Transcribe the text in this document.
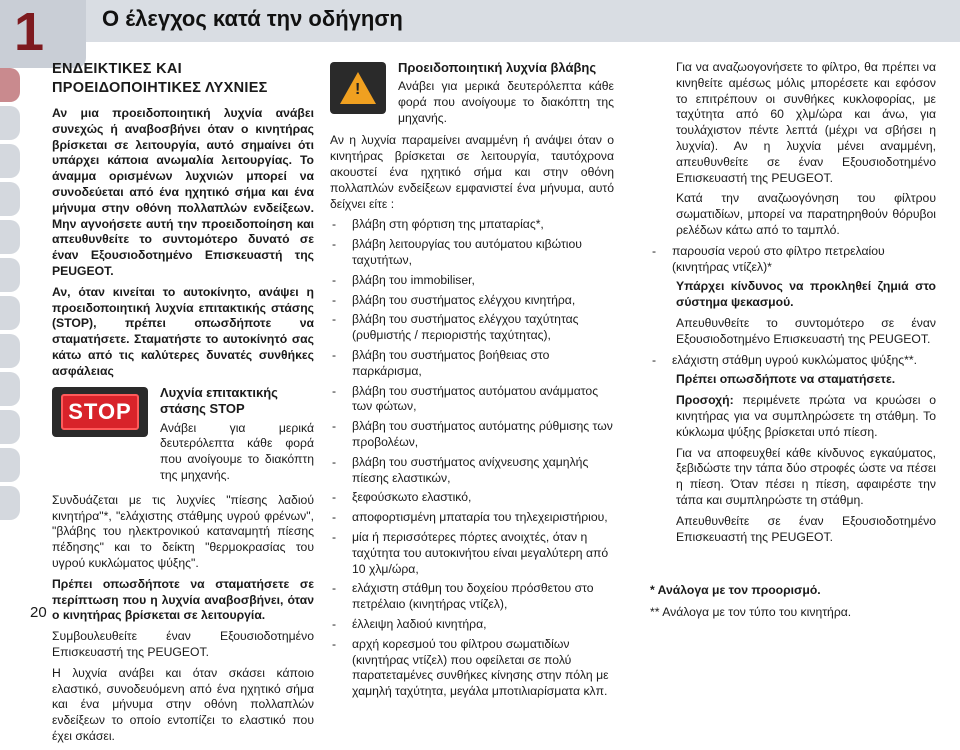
1	Ο έλεγχος κατά την οδήγηση
ΕΝΔΕΙΚΤΙΚΕΣ ΚΑΙ
ΠΡΟΕΙΔΟΠΟΙΗΤΙΚΕΣ ΛΥΧΝΙΕΣ

Αν μια προειδοποιητική λυχνία ανάβει συνεχώς ή αναβοσβήνει όταν ο κινητήρας βρίσκεται σε λειτουργία, αυτό σημαίνει ότι υπάρχει κάποια ανωμαλία λειτουργίας. Το άναμμα ορισμένων λυχνιών μπορεί να συνοδεύεται από ένα ηχητικό σήμα και ένα μήνυμα στην οθόνη πολλαπλών ενδείξεων. Μην αγνοήσετε αυτή την προειδοποίηση και απευθυνθείτε το συντομότερο δυνατό σε έναν Εξουσιοδοτημένο Επισκευαστή της PEUGEOT.

Αν, όταν κινείται το αυτοκίνητο, ανάψει η προειδοποιητική λυχνία επιτακτικής στάσης (STOP), πρέπει οπωσδήποτε να σταματήσετε. Σταματήστε το αυτοκίνητό σας κάτω από τις καλύτερες δυνατές συνθήκες ασφάλειας

STOP
Λυχνία επιτακτικής στάσης STOP

Ανάβει για μερικά δευτερόλεπτα κάθε φορά που ανοίγουμε το διακόπτη της μηχανής.

Συνδυάζεται με τις λυχνίες "πίεσης λαδιού κινητήρα"*, "ελάχιστης στάθμης υγρού φρένων", "βλάβης του ηλεκτρονικού καταναμητή πίεσης πέδησης" και το δείκτη "θερμοκρασίας του υγρού κυκλώματος ψύξης".

Πρέπει οπωσδήποτε να σταματήσετε σε περίπτωση που η λυχνία αναβοσβήνει, όταν ο κινητήρας βρίσκεται σε λειτουργία.

Συμβουλευθείτε έναν Εξουσιοδοτημένο Επισκευαστή της PEUGEOT.

Η λυχνία ανάβει και όταν σκάσει κάποιο ελαστικό, συνοδευόμενη από ένα ηχητικό σήμα και ένα μήνυμα στην οθόνη πολλαπλών ενδείξεων το οποίο εντοπίζει το ελαστικό που έχει σκάσει.

!
Προειδοποιητική λυχνία βλάβης

Ανάβει για μερικά δευτερόλεπτα κάθε φορά που ανοίγουμε το διακόπτη της μηχανής.

Αν η λυχνία παραμείνει αναμμένη ή ανάψει όταν ο κινητήρας βρίσκεται σε λειτουργία, ταυτόχρονα ακουστεί ένα ηχητικό σήμα και στην οθόνη πολλαπλών ενδείξεων εμφανιστεί ένα μήνυμα, αυτό δείχνει είτε :

- βλάβη στη φόρτιση της μπαταρίας*,
- βλάβη λειτουργίας του αυτόματου κιβώτιου ταχυτήτων,
- βλάβη του immobiliser,
- βλάβη του συστήματος ελέγχου κινητήρα,
- βλάβη του συστήματος ελέγχου ταχύτητας (ρυθμιστής / περιοριστής ταχύτητας),
- βλάβη του συστήματος βοήθειας στο παρκάρισμα,
- βλάβη του συστήματος αυτόματου ανάμματος των φώτων,
- βλάβη του συστήματος αυτόματης ρύθμισης των προβολέων,
- βλάβη του συστήματος ανίχνευσης χαμηλής πίεσης ελαστικών,
- ξεφούσκωτο ελαστικό,
- αποφορτισμένη μπαταρία του τηλεχειριστήριου,
- μία ή περισσότερες πόρτες ανοιχτές, όταν η ταχύτητα του αυτοκινήτου είναι μεγαλύτερη από 10 χλμ/ώρα,
- ελάχιστη στάθμη του δοχείου πρόσθετου στο πετρέλαιο (κινητήρας ντίζελ),
- έλλειψη λαδιού κινητήρα,
- αρχή κορεσμού του φίλτρου σωματιδίων (κινητήρας ντίζελ) που οφείλεται σε πολύ παρατεταμένες συνθήκες κίνησης στην πόλη με χαμηλή ταχύτητα, μεγάλα μποτιλιαρίσματα κλπ.

Για να αναζωογονήσετε το φίλτρο, θα πρέπει να κινηθείτε αμέσως μόλις μπορέσετε και εφόσον το επιτρέπουν οι συνθήκες κυκλοφορίας, με ταχύτητα από 60 χλμ/ώρα και άνω, για τουλάχιστον πέντε λεπτά (μέχρι να σβήσει η λυχνία). Αν η λυχνία μένει αναμμένη, απευθυνθείτε σε έναν Εξουσιοδοτημένο Επισκευαστή της PEUGEOT.

Κατά την αναζωογόνηση του φίλτρου σωματιδίων, μπορεί να παρατηρηθούν θόρυβοι ρελέδων κάτω από το ταμπλό.

- παρουσία νερού στο φίλτρο πετρελαίου (κινητήρας ντίζελ)*

Υπάρχει κίνδυνος να προκληθεί ζημιά στο σύστημα ψεκασμού.

Απευθυνθείτε το συντομότερο σε έναν Εξουσιοδοτημένο Επισκευαστή της PEUGEOT.

- ελάχιστη στάθμη υγρού κυκλώματος ψύξης**.

Πρέπει οπωσδήποτε να σταματήσετε.

Προσοχή: περιμένετε πρώτα να κρυώσει ο κινητήρας για να συμπληρώσετε τη στάθμη. Το κύκλωμα ψύξης βρίσκεται υπό πίεση.

Για να αποφευχθεί κάθε κίνδυνος εγκαύματος, ξεβιδώστε την τάπα δύο στροφές ώστε να πέσει η πίεση. Όταν πέσει η πίεση, αφαιρέστε την τάπα και συμπληρώστε τη στάθμη.

Απευθυνθείτε σε έναν Εξουσιοδοτημένο Επισκευαστή της PEUGEOT.

* Ανάλογα με τον προορισμό.

** Ανάλογα με τον τύπο του κινητήρα.

20
